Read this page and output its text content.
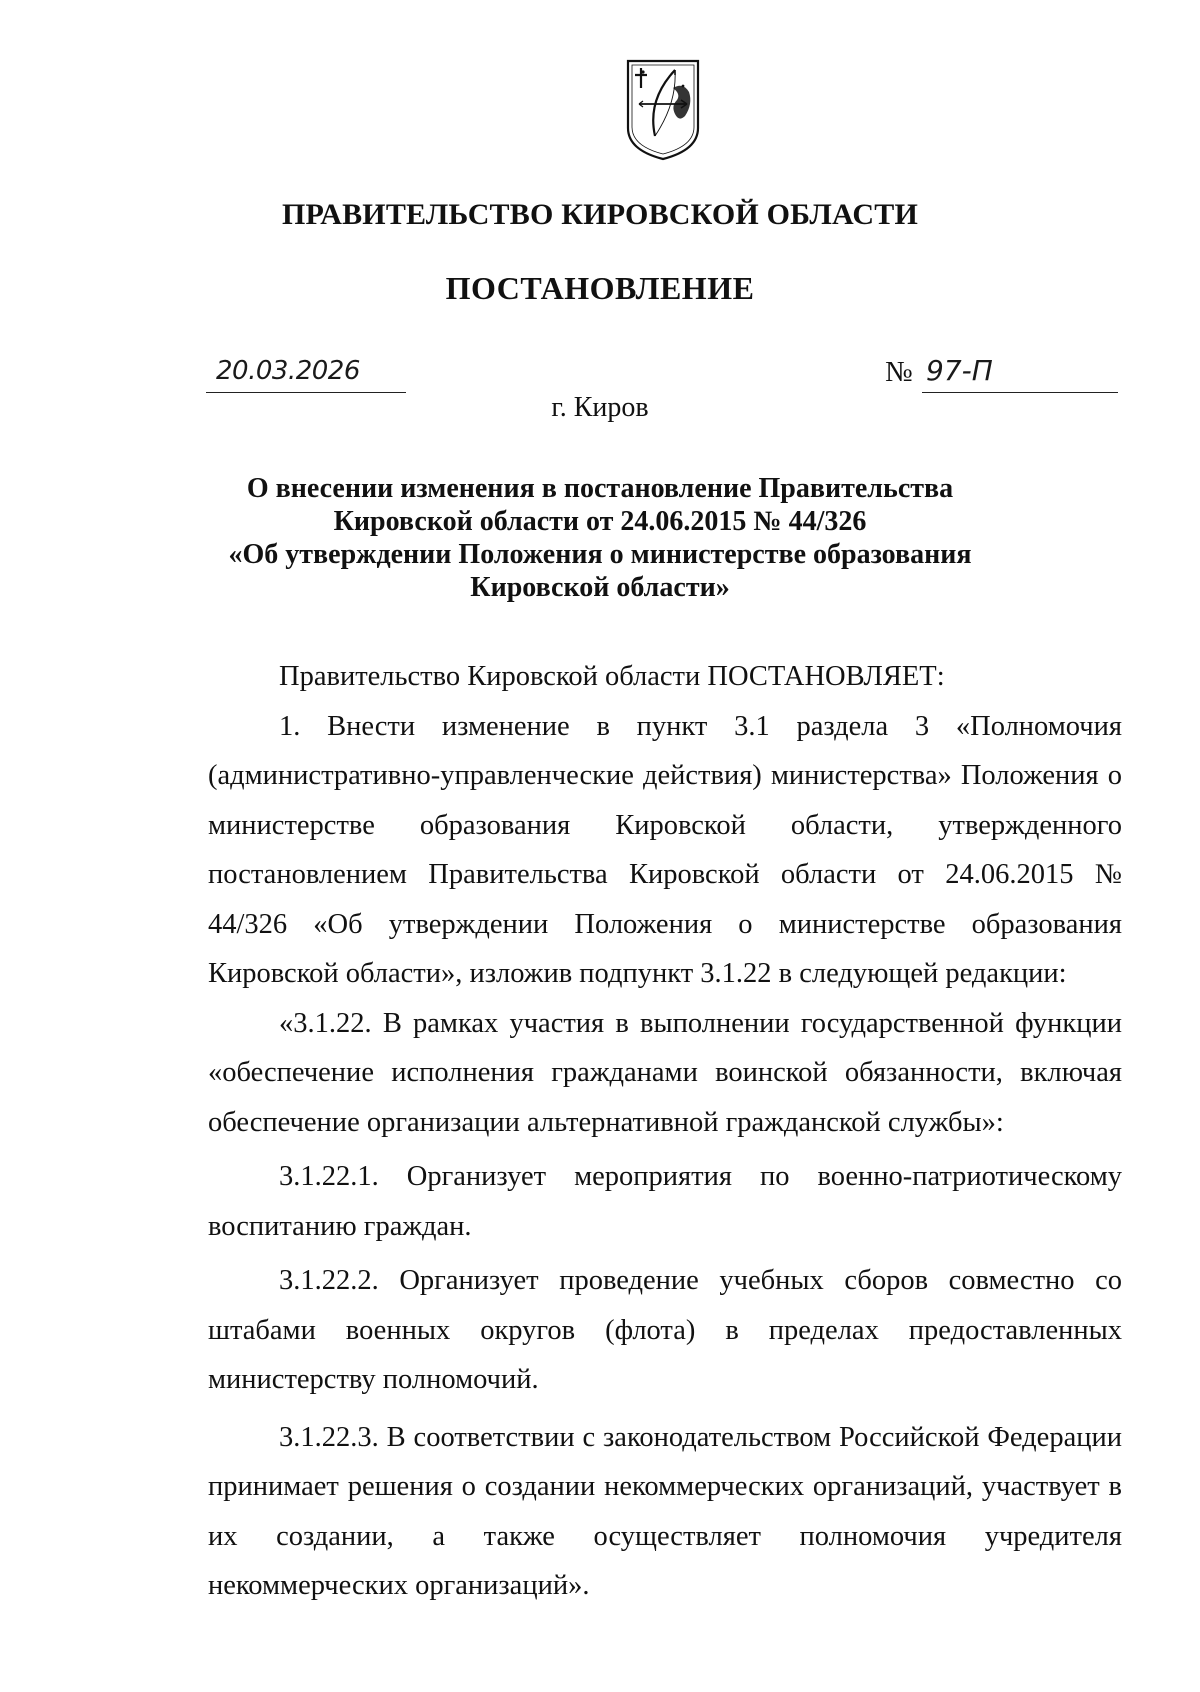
ПРАВИТЕЛЬСТВО КИРОВСКОЙ ОБЛАСТИ
ПОСТАНОВЛЕНИЕ
20.03.2026	№ 97-П
г. Киров
О внесении изменения в постановление Правительства
Кировской области от 24.06.2015 № 44/326
«Об утверждении Положения о министерстве образования
Кировской области»

Правительство Кировской области ПОСТАНОВЛЯЕТ:

1. Внести изменение в пункт 3.1 раздела 3 «Полномочия (административно-управленческие действия) министерства» Положения о министерстве образования Кировской области, утвержденного постановлением Правительства Кировской области от 24.06.2015 № 44/326 «Об утверждении Положения о министерстве образования Кировской области», изложив подпункт 3.1.22 в следующей редакции:

«3.1.22. В рамках участия в выполнении государственной функции «обеспечение исполнения гражданами воинской обязанности, включая обеспечение организации альтернативной гражданской службы»:

3.1.22.1. Организует мероприятия по военно-патриотическому воспитанию граждан.

3.1.22.2. Организует проведение учебных сборов совместно со штабами военных округов (флота) в пределах предоставленных министерству полномочий.

3.1.22.3. В соответствии с законодательством Российской Федерации принимает решения о создании некоммерческих организаций, участвует в их создании, а также осуществляет полномочия учредителя некоммерческих организаций».
